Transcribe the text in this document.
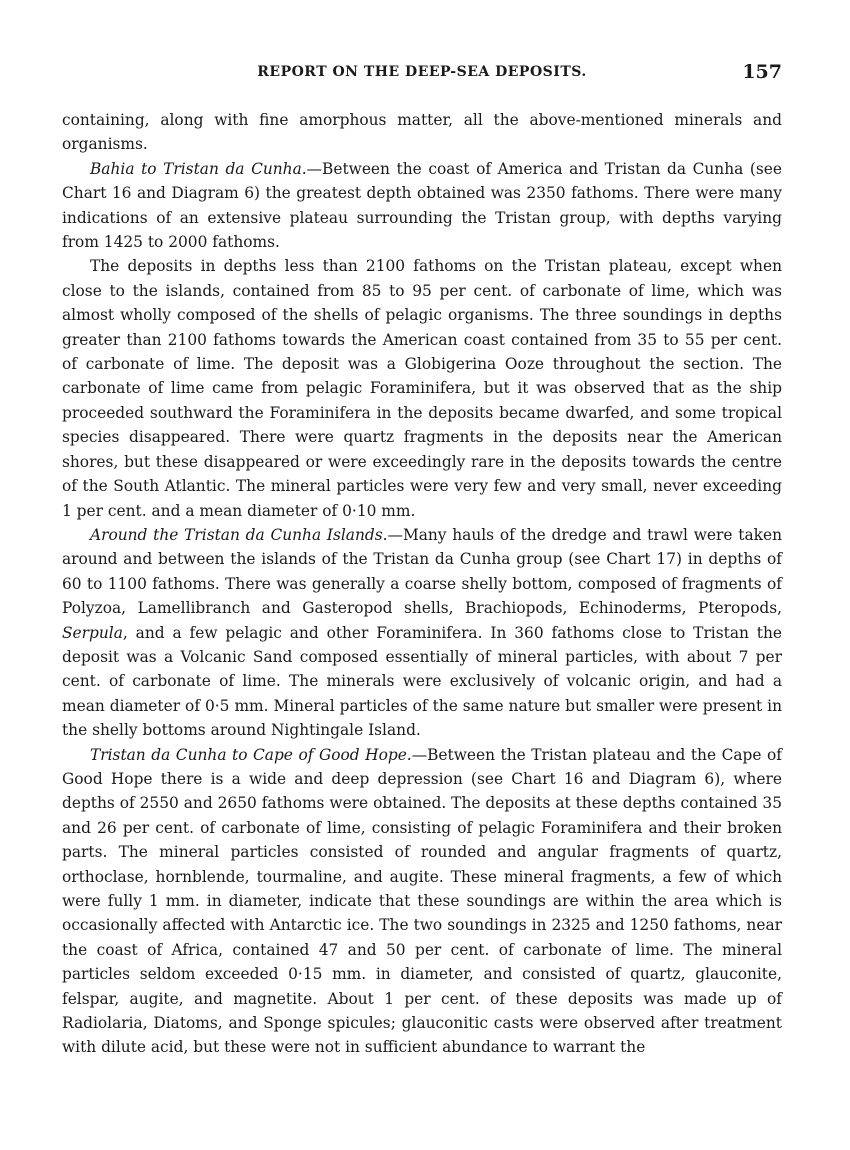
REPORT ON THE DEEP-SEA DEPOSITS.	157

containing, along with fine amorphous matter, all the above-mentioned minerals and organisms.

Bahia to Tristan da Cunha.—Between the coast of America and Tristan da Cunha (see Chart 16 and Diagram 6) the greatest depth obtained was 2350 fathoms. There were many indications of an extensive plateau surrounding the Tristan group, with depths varying from 1425 to 2000 fathoms.

The deposits in depths less than 2100 fathoms on the Tristan plateau, except when close to the islands, contained from 85 to 95 per cent. of carbonate of lime, which was almost wholly composed of the shells of pelagic organisms. The three soundings in depths greater than 2100 fathoms towards the American coast contained from 35 to 55 per cent. of carbonate of lime. The deposit was a Globigerina Ooze throughout the section. The carbonate of lime came from pelagic Foraminifera, but it was observed that as the ship proceeded southward the Foraminifera in the deposits became dwarfed, and some tropical species disappeared. There were quartz fragments in the deposits near the American shores, but these disappeared or were exceedingly rare in the deposits towards the centre of the South Atlantic. The mineral particles were very few and very small, never exceeding 1 per cent. and a mean diameter of 0·10 mm.

Around the Tristan da Cunha Islands.—Many hauls of the dredge and trawl were taken around and between the islands of the Tristan da Cunha group (see Chart 17) in depths of 60 to 1100 fathoms. There was generally a coarse shelly bottom, composed of fragments of Polyzoa, Lamellibranch and Gasteropod shells, Brachiopods, Echinoderms, Pteropods, Serpula, and a few pelagic and other Foraminifera. In 360 fathoms close to Tristan the deposit was a Volcanic Sand composed essentially of mineral particles, with about 7 per cent. of carbonate of lime. The minerals were exclusively of volcanic origin, and had a mean diameter of 0·5 mm. Mineral particles of the same nature but smaller were present in the shelly bottoms around Nightingale Island.

Tristan da Cunha to Cape of Good Hope.—Between the Tristan plateau and the Cape of Good Hope there is a wide and deep depression (see Chart 16 and Diagram 6), where depths of 2550 and 2650 fathoms were obtained. The deposits at these depths contained 35 and 26 per cent. of carbonate of lime, consisting of pelagic Foraminifera and their broken parts. The mineral particles consisted of rounded and angular fragments of quartz, orthoclase, hornblende, tourmaline, and augite. These mineral fragments, a few of which were fully 1 mm. in diameter, indicate that these soundings are within the area which is occasionally affected with Antarctic ice. The two soundings in 2325 and 1250 fathoms, near the coast of Africa, contained 47 and 50 per cent. of carbonate of lime. The mineral particles seldom exceeded 0·15 mm. in diameter, and consisted of quartz, glauconite, felspar, augite, and magnetite. About 1 per cent. of these deposits was made up of Radiolaria, Diatoms, and Sponge spicules; glauconitic casts were observed after treatment with dilute acid, but these were not in sufficient abundance to warrant the
